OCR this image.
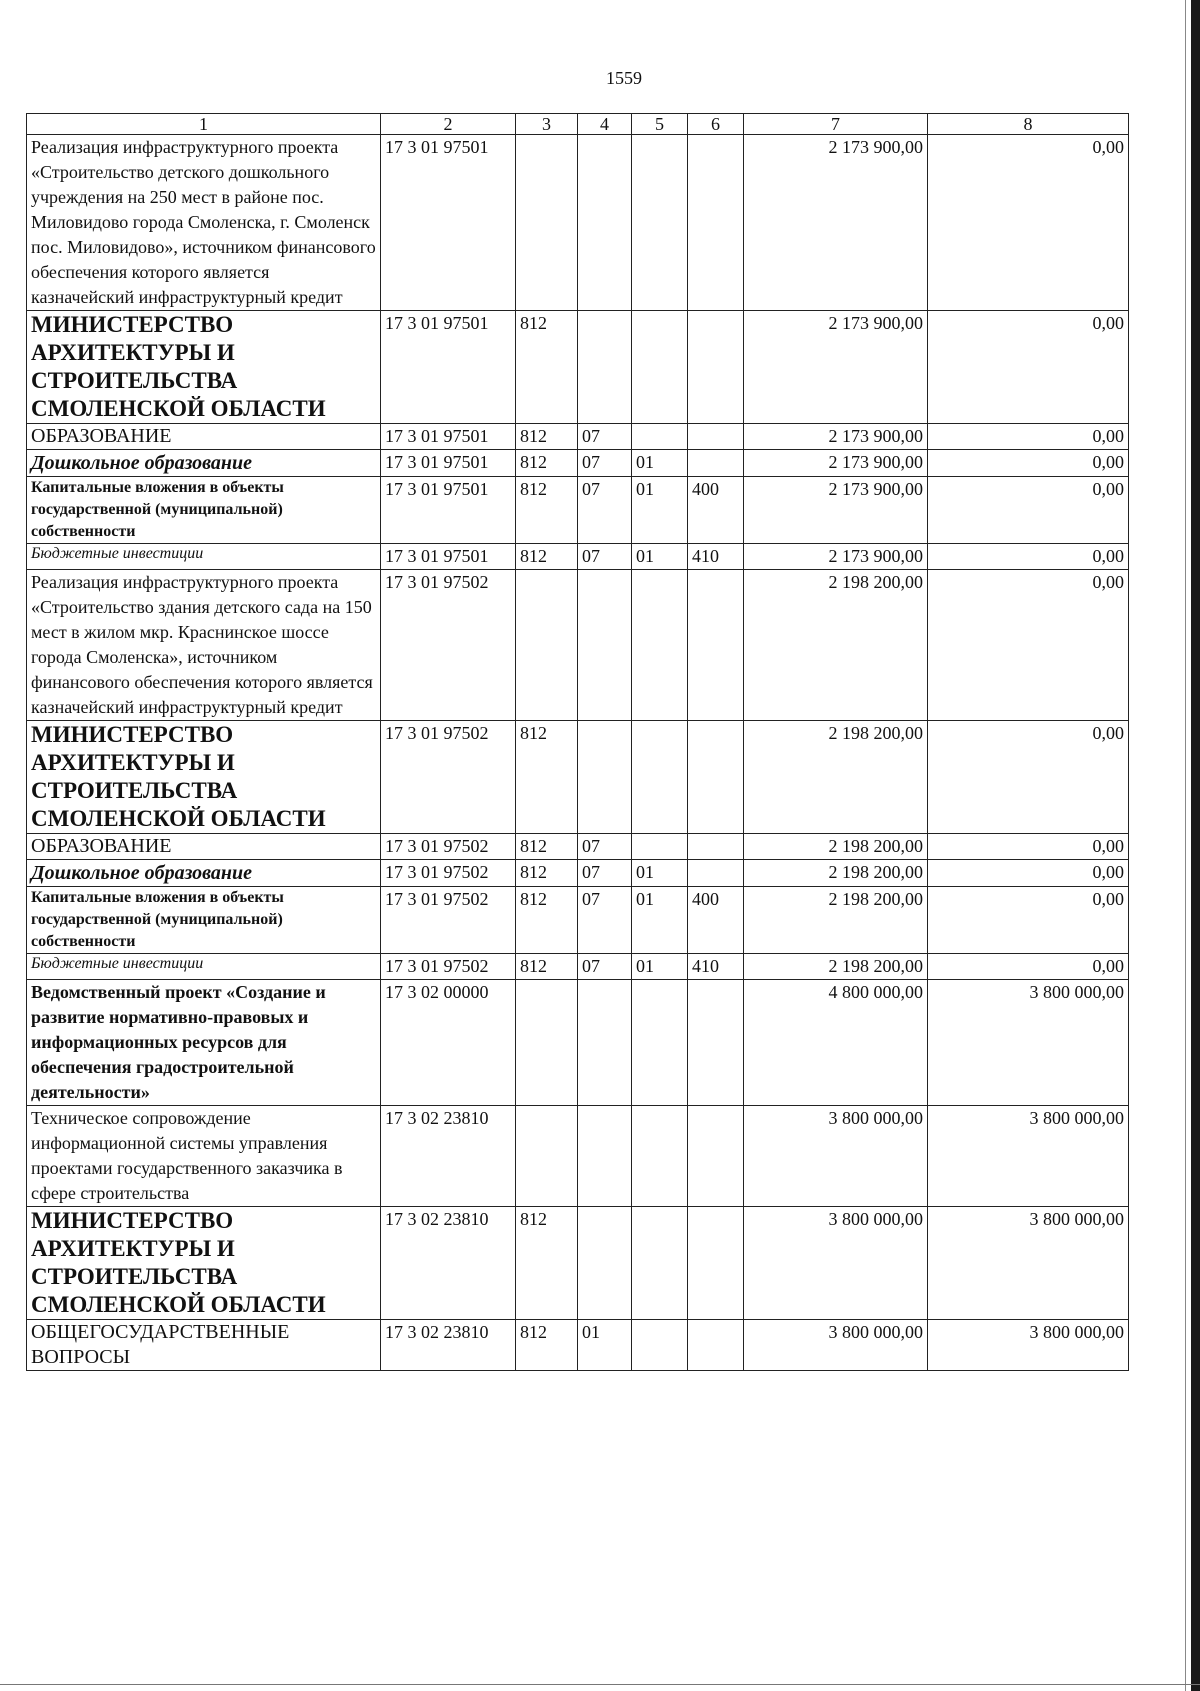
1559
1	2	3	4	5	6	7	8
Реализация инфраструктурного проекта «Строительство детского дошкольного учреждения на 250 мест в районе пос. Миловидово города Смоленска, г. Смоленск пос. Миловидово», источником финансового обеспечения которого является казначейский инфраструктурный кредит	17 3 01 97501					2 173 900,00	0,00
МИНИСТЕРСТВО АРХИТЕКТУРЫ И СТРОИТЕЛЬСТВА СМОЛЕНСКОЙ ОБЛАСТИ	17 3 01 97501	812				2 173 900,00	0,00
ОБРАЗОВАНИЕ	17 3 01 97501	812	07			2 173 900,00	0,00
Дошкольное образование	17 3 01 97501	812	07	01		2 173 900,00	0,00
Капитальные вложения в объекты государственной (муниципальной) собственности	17 3 01 97501	812	07	01	400	2 173 900,00	0,00
Бюджетные инвестиции	17 3 01 97501	812	07	01	410	2 173 900,00	0,00
Реализация инфраструктурного проекта «Строительство здания детского сада на 150 мест в жилом мкр. Краснинское шоссе города Смоленска», источником финансового обеспечения которого является казначейский инфраструктурный кредит	17 3 01 97502					2 198 200,00	0,00
МИНИСТЕРСТВО АРХИТЕКТУРЫ И СТРОИТЕЛЬСТВА СМОЛЕНСКОЙ ОБЛАСТИ	17 3 01 97502	812				2 198 200,00	0,00
ОБРАЗОВАНИЕ	17 3 01 97502	812	07			2 198 200,00	0,00
Дошкольное образование	17 3 01 97502	812	07	01		2 198 200,00	0,00
Капитальные вложения в объекты государственной (муниципальной) собственности	17 3 01 97502	812	07	01	400	2 198 200,00	0,00
Бюджетные инвестиции	17 3 01 97502	812	07	01	410	2 198 200,00	0,00
Ведомственный проект «Создание и развитие нормативно-правовых и информационных ресурсов для обеспечения градостроительной деятельности»	17 3 02 00000					4 800 000,00	3 800 000,00
Техническое сопровождение информационной системы управления проектами государственного заказчика в сфере строительства	17 3 02 23810					3 800 000,00	3 800 000,00
МИНИСТЕРСТВО АРХИТЕКТУРЫ И СТРОИТЕЛЬСТВА СМОЛЕНСКОЙ ОБЛАСТИ	17 3 02 23810	812				3 800 000,00	3 800 000,00
ОБЩЕГОСУДАРСТВЕННЫЕ ВОПРОСЫ	17 3 02 23810	812	01			3 800 000,00	3 800 000,00
